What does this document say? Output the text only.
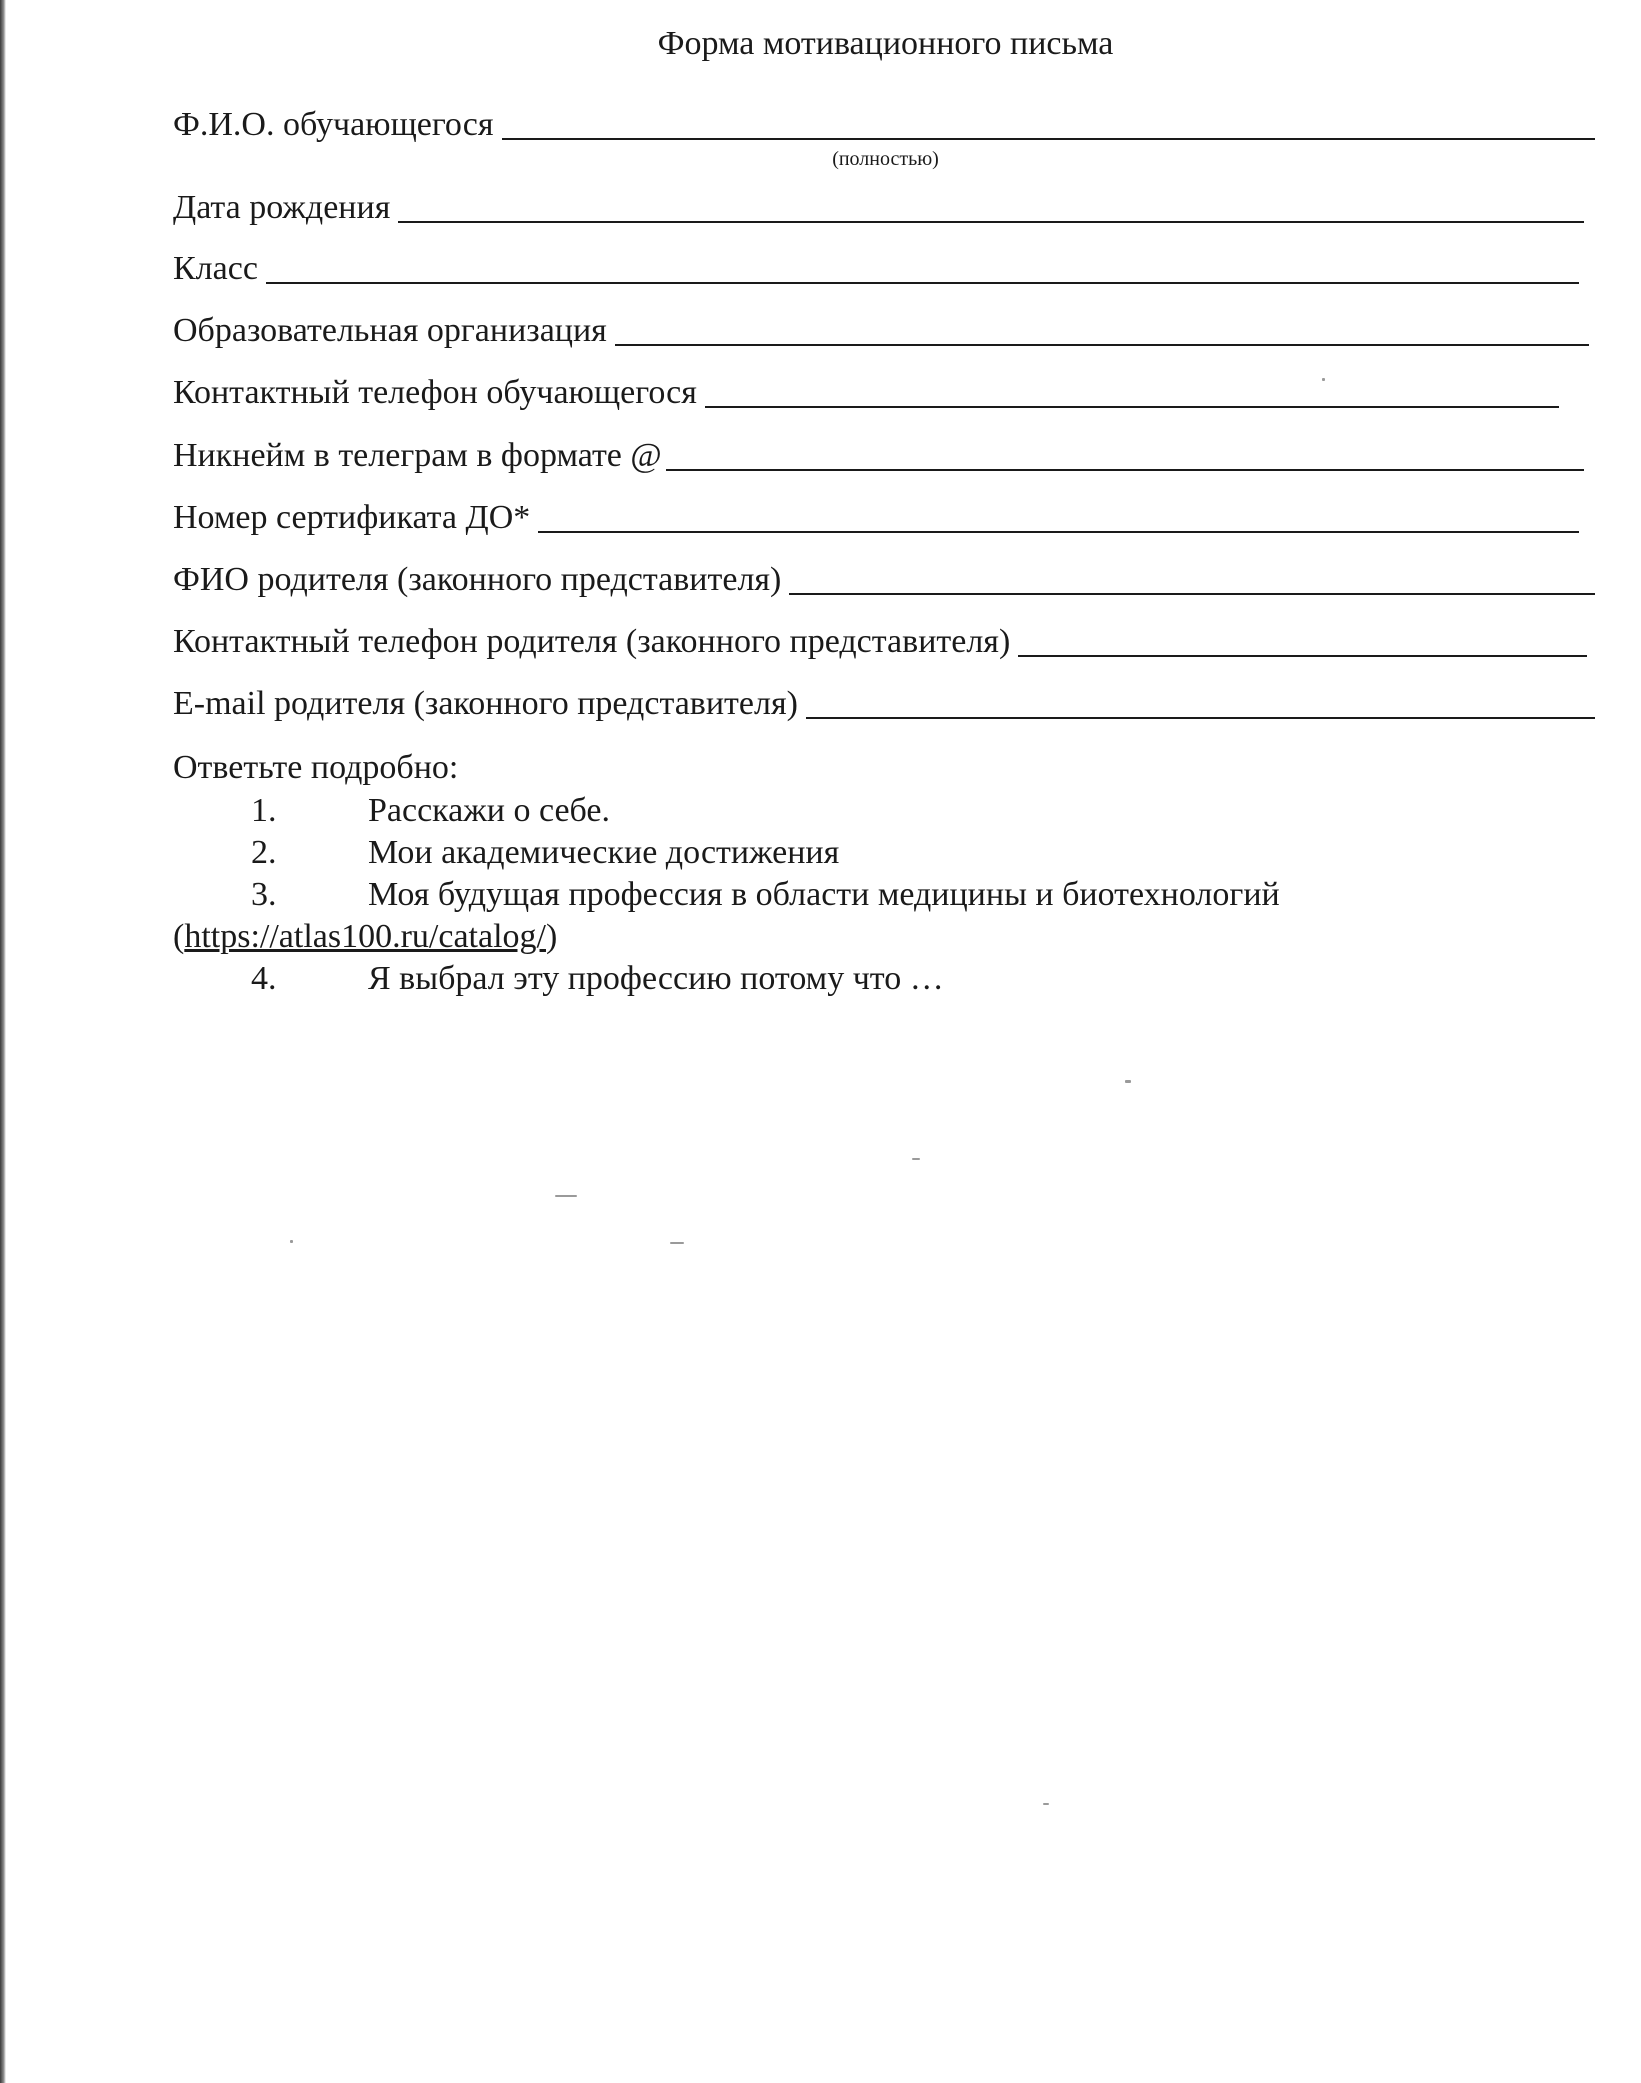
Форма мотивационного письма
Ф.И.О. обучающегося
(полностью)
Дата рождения
Класс
Образовательная организация
Контактный телефон обучающегося
Никнейм в телеграм в формате @
Номер сертификата ДО*
ФИО родителя (законного представителя)
Контактный телефон родителя (законного представителя)
E-mail родителя (законного представителя)
Ответьте подробно:
1.	Расскажи о себе.
2.	Мои академические достижения
3.	Моя будущая профессия в области медицины и биотехнологий
(https://atlas100.ru/catalog/)
4.	Я выбрал эту профессию потому что …
